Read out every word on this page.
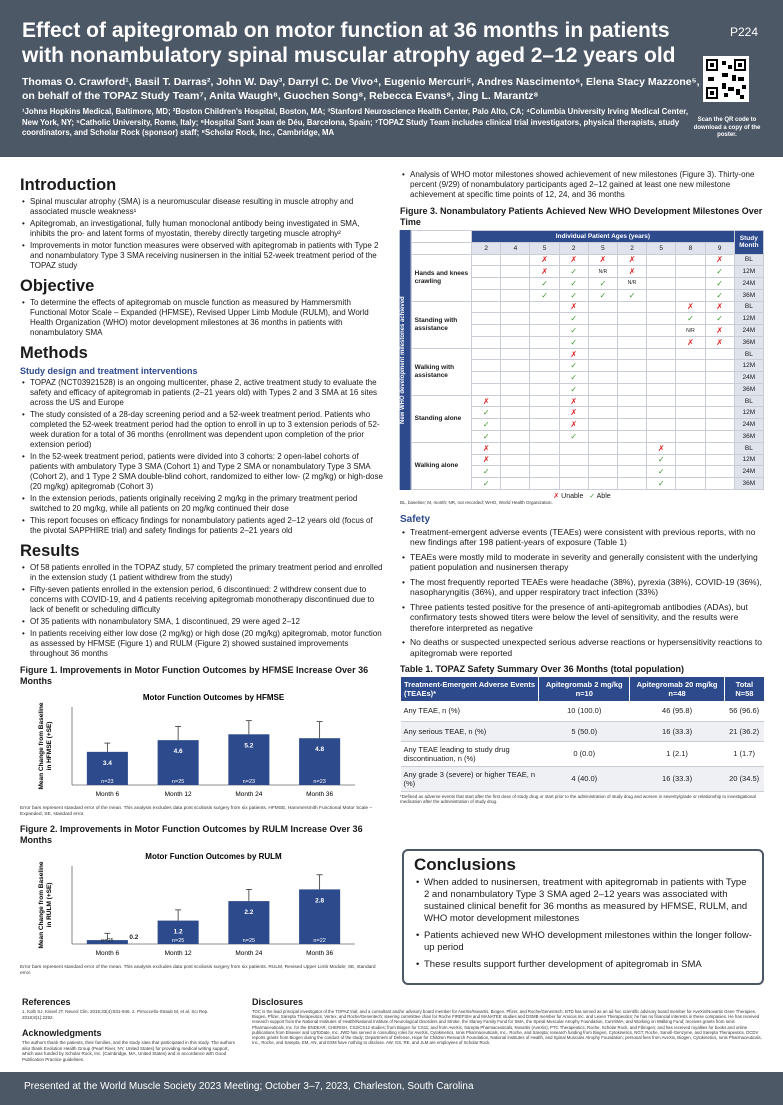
Effect of apitegromab on motor function at 36 months in patients with nonambulatory spinal muscular atrophy aged 2–12 years old
P224
Thomas O. Crawford¹, Basil T. Darras², John W. Day³, Darryl C. De Vivo⁴, Eugenio Mercuri⁵, Andres Nascimento⁶, Elena Stacy Mazzone⁵, on behalf of the TOPAZ Study Team⁷, Anita Waugh⁸, Guochen Song⁸, Rebecca Evans⁸, Jing L. Marantz⁸
¹Johns Hopkins Medical, Baltimore, MD; ²Boston Children's Hospital, Boston, MA; ³Stanford Neuroscience Health Center, Palo Alto, CA; ⁴Columbia University Irving Medical Center, New York, NY; ⁵Catholic University, Rome, Italy; ⁶Hospital Sant Joan de Déu, Barcelona, Spain; ⁷TOPAZ Study Team includes clinical trial investigators, physical therapists, study coordinators, and Scholar Rock (sponsor) staff; ⁸Scholar Rock, Inc., Cambridge, MA
Scan the QR code to download a copy of the poster.
Introduction
• Spinal muscular atrophy (SMA) is a neuromuscular disease resulting in muscle atrophy and associated muscle weakness¹
• Apitegromab, an investigational, fully human monoclonal antibody being investigated in SMA, inhibits the pro- and latent forms of myostatin, thereby directly targeting muscle atrophy²
• Improvements in motor function measures were observed with apitegromab in patients with Type 2 and nonambulatory Type 3 SMA receiving nusinersen in the initial 52-week treatment period of the TOPAZ study
Objective
• To determine the effects of apitegromab on muscle function as measured by Hammersmith Functional Motor Scale – Expanded (HFMSE), Revised Upper Limb Module (RULM), and World Health Organization (WHO) motor development milestones at 36 months in patients with nonambulatory SMA
Methods
Study design and treatment interventions
• TOPAZ (NCT03921528) is an ongoing multicenter, phase 2, active treatment study to evaluate the safety and efficacy of apitegromab in patients (2–21 years old) with Types 2 and 3 SMA at 16 sites across the US and Europe
• The study consisted of a 28-day screening period and a 52-week treatment period. Patients who completed the 52-week treatment period had the option to enroll in up to 3 extension periods of 52-week duration for a total of 36 months (enrollment was dependent upon completion of the prior extension period)
• In the 52-week treatment period, patients were divided into 3 cohorts: 2 open-label cohorts of patients with ambulatory Type 3 SMA (Cohort 1) and Type 2 SMA or nonambulatory Type 3 SMA (Cohort 2), and 1 Type 2 SMA double-blind cohort, randomized to either low- (2 mg/kg) or high-dose (20 mg/kg) apitegromab (Cohort 3)
• In the extension periods, patients originally receiving 2 mg/kg in the primary treatment period switched to 20 mg/kg, while all patients on 20 mg/kg continued their dose
• This report focuses on efficacy findings for nonambulatory patients aged 2–12 years old (focus of the pivotal SAPPHIRE trial) and safety findings for patients 2–21 years old
Results
• Of 58 patients enrolled in the TOPAZ study, 57 completed the primary treatment period and enrolled in the extension study (1 patient withdrew from the study)
• Fifty-seven patients enrolled in the extension period, 6 discontinued: 2 withdrew consent due to concerns with COVID-19, and 4 patients receiving apitegromab monotherapy discontinued due to lack of benefit or scheduling difficulty
• Of 35 patients with nonambulatory SMA, 1 discontinued, 29 were aged 2–12
• In patients receiving either low dose (2 mg/kg) or high dose (20 mg/kg) apitegromab, motor function as assessed by HFMSE (Figure 1) and RULM (Figure 2) showed sustained improvements throughout 36 months
Figure 1. Improvements in Motor Function Outcomes by HFMSE Increase Over 36 Months
Motor Function Outcomes by HFMSE
Mean Change from Baselinein HFMSE (+SE)	3.4
n=23
Month 6
4.6
n=25
Month 12
5.2
n=23
Month 24
4.8
n=23
Month 36
Error bars represent standard error of the mean. This analysis excludes data post scoliosis surgery from six patients. HFMSE, Hammersmith Functional Motor Scale – Expanded; SE, standard error.
Figure 2. Improvements in Motor Function Outcomes by RULM Increase Over 36 Months
Motor Function Outcomes by RULM
Mean Change from Baselinein RULM (+SE)
0.2
n=25
Month 6
1.2
n=25
Month 12
2.2
n=25
Month 24
2.8
n=22
Month 36
Error bars represent standard error of the mean. This analysis excludes data post scoliosis surgery from six patients. RULM, Revised Upper Limb Module; SE, standard error.
• Analysis of WHO motor milestones showed achievement of new milestones (Figure 3). Thirty-one percent (9/29) of nonambulatory participants aged 2–12 gained at least one new milestone achievement at specific time points of 12, 24, and 36 months
Figure 3. Nonambulatory Patients Achieved New WHO Development Milestones Over Time
New WHO development milestones achieved
	Individual Patient Ages (years)									Study Month
	2	4	5	2	5	2	5	8	9	
Hands and knees crawling			✗	✗	✗	✗			✗	BL
			✗	✓	N/R	✗			✓	12M
			✓	✓	✓	N/R			✓	24M
			✓	✓	✓	✓			✓	36M
Standing with assistance				✗				✗	✗	BL
				✓				✓	✓	12M
				✓				N/R	✗	24M
				✓				✗	✗	36M
Walking with assistance				✗						BL
				✓						12M
				✓						24M
				✓						36M
Standing alone	✗			✗						BL
	✓			✗						12M
	✓			✗						24M
	✓			✓						36M
Walking alone	✗						✗			BL
	✗						✓			12M
	✓						✓			24M
	✓						✓			36M
✗ Unable ✓ Able
BL, baseline; M, month; NR, not recorded; WHO, World Health Organization.
Safety
• Treatment-emergent adverse events (TEAEs) were consistent with previous reports, with no new findings after 198 patient-years of exposure (Table 1)
• TEAEs were mostly mild to moderate in severity and generally consistent with the underlying patient population and nusinersen therapy
• The most frequently reported TEAEs were headache (38%), pyrexia (38%), COVID-19 (36%), nasopharyngitis (36%), and upper respiratory tract infection (33%)
• Three patients tested positive for the presence of anti-apitegromab antibodies (ADAs), but confirmatory tests showed titers were below the level of sensitivity, and the results were therefore interpreted as negative
• No deaths or suspected unexpected serious adverse reactions or hypersensitivity reactions to apitegromab were reported
Table 1. TOPAZ Safety Summary Over 36 Months (total population)
Treatment-Emergent Adverse Events (TEAEs)*	Apitegromab 2 mg/kg n=10	Apitegromab 20 mg/kg n=48	Total N=58
Any TEAE, n (%)	10 (100.0)	46 (95.8)	56 (96.6)
Any serious TEAE, n (%)	5 (50.0)	16 (33.3)	21 (36.2)
Any TEAE leading to study drug discontinuation, n (%)	0 (0.0)	1 (2.1)	1 (1.7)
Any grade 3 (severe) or higher TEAE, n (%)	4 (40.0)	16 (33.3)	20 (34.5)
*Defined as adverse events that start after the first dose of study drug or start prior to the administration of study drug and worsen in severity/grade or relationship to investigational medication after the administration of study drug.
Conclusions
• When added to nusinersen, treatment with apitegromab in patients with Type 2 and nonambulatory Type 3 SMA aged 2–12 years was associated with sustained clinical benefit for 36 months as measured by HFMSE, RULM, and WHO motor development milestones
• Patients achieved new WHO development milestones within the longer follow-up period
• These results support further development of apitegromab in SMA
References
1. Kolb SJ, Kissel JT. Neurol Clin. 2015;33(4):831-846. 2. Pirruccello-Straub M, et al. Sci Rep. 2018;8(1):2292.
Acknowledgments
The authors thank the patients, their families, and the study sites that participated in this study. The authors also thank Evolution Health Group (Pearl River, NY, United States) for providing medical writing support, which was funded by Scholar Rock, Inc. (Cambridge, MA, United States) and in accordance with Good Publication Practice guidelines.
Disclosures
TOC is the lead principal investigator of the TOPAZ trial; and a consultant and/or advisory board member for AveXis/Novartis, Biogen, Pfizer, and Roche/Genentech. BTD has served as an ad hoc scientific advisory board member for AveXis/Novartis Gene Therapies, Biogen, Pfizer, Sarepta Therapeutics, Vertex, and Roche/Genentech; steering committee chair for Roche FIREFISH and MANATEE studies and DSMB member for Amicus Inc. and Lexeo Therapeutics; he has no financial interests in these companies. He has received research support from the National Institutes of Health/National Institute of Neurological Disorders and Stroke, the Slaney Family Fund for SMA, the Spinal Muscular Atrophy Foundation, CureSMA, and Working on Walking Fund; receives grants from Ionis Pharmaceuticals, Inc. for the ENDEAR, CHERISH, CS2/CS12 studies; from Biogen for CS11; and from AveXis, Sarepta Pharmaceuticals, Novartis (AveXis), PTC Therapeutics, Roche, Scholar Rock, and Fibrogen; and has received royalties for books and online publications from Elsevier and UpToDate, Inc. JWD has served in consulting roles for AveXis, Cytokinetics, Ionis Pharmaceuticals, Inc., Roche, and Sarepta; research funding from Biogen, Cytokinetics, NGT, Roche, Sanofi-Genzyme, and Sarepta Therapeutics. DCDV reports grants from Biogen during the conduct of the study; Department of Defense, Hope for Children Research Foundation, National Institutes of Health, and Spinal Muscular Atrophy Foundation; personal fees from AveXis, Biogen, Cytokinetics, Ionis Pharmaceuticals, Inc., Roche, and Sarepta. EM, AN, and ESM have nothing to disclose. AW, GS, RE, and JLM are employees of Scholar Rock.
Presented at the World Muscle Society 2023 Meeting; October 3–7, 2023, Charleston, South Carolina
